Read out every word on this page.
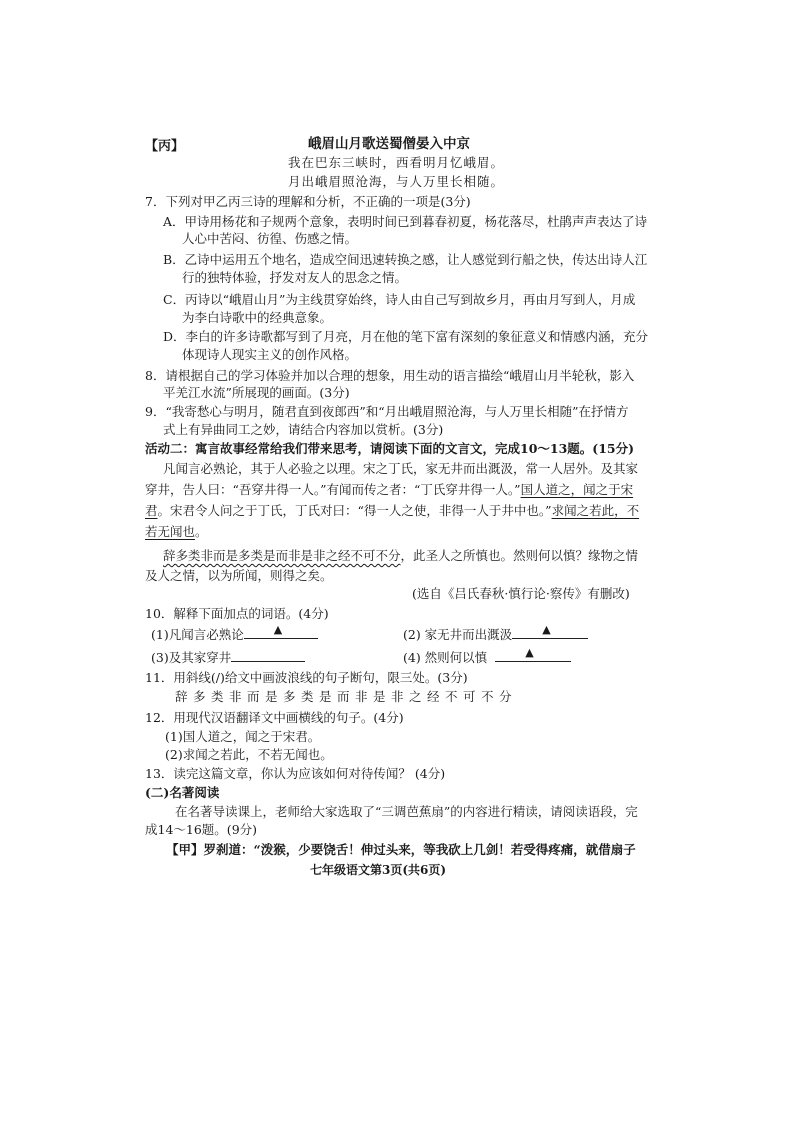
【丙】	峨眉山月歌送蜀僧晏入中京
我在巴东三峡时，西看明月忆峨眉。
月出峨眉照沧海，与人万里长相随。
7．下列对甲乙丙三诗的理解和分析，不正确的一项是(3分)
A．甲诗用杨花和子规两个意象，表明时间已到暮春初夏，杨花落尽，杜鹃声声表达了诗
人心中苦闷、彷徨、伤感之情。
B．乙诗中运用五个地名，造成空间迅速转换之感，让人感觉到行船之快，传达出诗人江
行的独特体验，抒发对友人的思念之情。
C．丙诗以“峨眉山月”为主线贯穿始终，诗人由自己写到故乡月，再由月写到人，月成
为李白诗歌中的经典意象。
D．李白的许多诗歌都写到了月亮，月在他的笔下富有深刻的象征意义和情感内涵，充分
体现诗人现实主义的创作风格。
8．请根据自己的学习体验并加以合理的想象，用生动的语言描绘“峨眉山月半轮秋，影入
平羌江水流”所展现的画面。(3分)
9．“我寄愁心与明月，随君直到夜郎西”和“月出峨眉照沧海，与人万里长相随”在抒情方
式上有异曲同工之妙，请结合内容加以赏析。(3分)
活动二：寓言故事经常给我们带来思考，请阅读下面的文言文，完成10～13题。(15分)
凡闻言必熟论，其于人必验之以理。宋之丁氏，家无井而出溉汲，常一人居外。及其家
穿井，告人曰：“吾穿井得一人。”有闻而传之者：“丁氏穿井得一人。”国人道之，闻之于宋
君。宋君令人问之于丁氏，丁氏对曰：“得一人之使，非得一人于井中也。”求闻之若此，不
若无闻也。
辞多类非而是多类是而非是非之经不可不分，此圣人之所慎也。然则何以慎？缘物之情
及人之情，以为所闻，则得之矣。
(选自《吕氏春秋·慎行论·察传》有删改)
10．解释下面加点的词语。(4分)
(1)凡闻言必熟论	▲	(2) 家无井而出溉汲	▲
(3)及其家穿井	(4) 然则何以慎	▲
11．用斜线(/)给文中画波浪线的句子断句，限三处。(3分)
辞多类非而是多类是而非是非之经不可不分
12．用现代汉语翻译文中画横线的句子。(4分)
(1)国人道之，闻之于宋君。
(2)求闻之若此，不若无闻也。
13．读完这篇文章，你认为应该如何对待传闻？ (4分)
(二)名著阅读
在名著导读课上，老师给大家选取了“三调芭蕉扇”的内容进行精读，请阅读语段，完
成14～16题。(9分)
【甲】罗刹道：“泼猴，少要饶舌！伸过头来，等我砍上几剑！若受得疼痛，就借扇子
七年级语文第3页(共6页)
